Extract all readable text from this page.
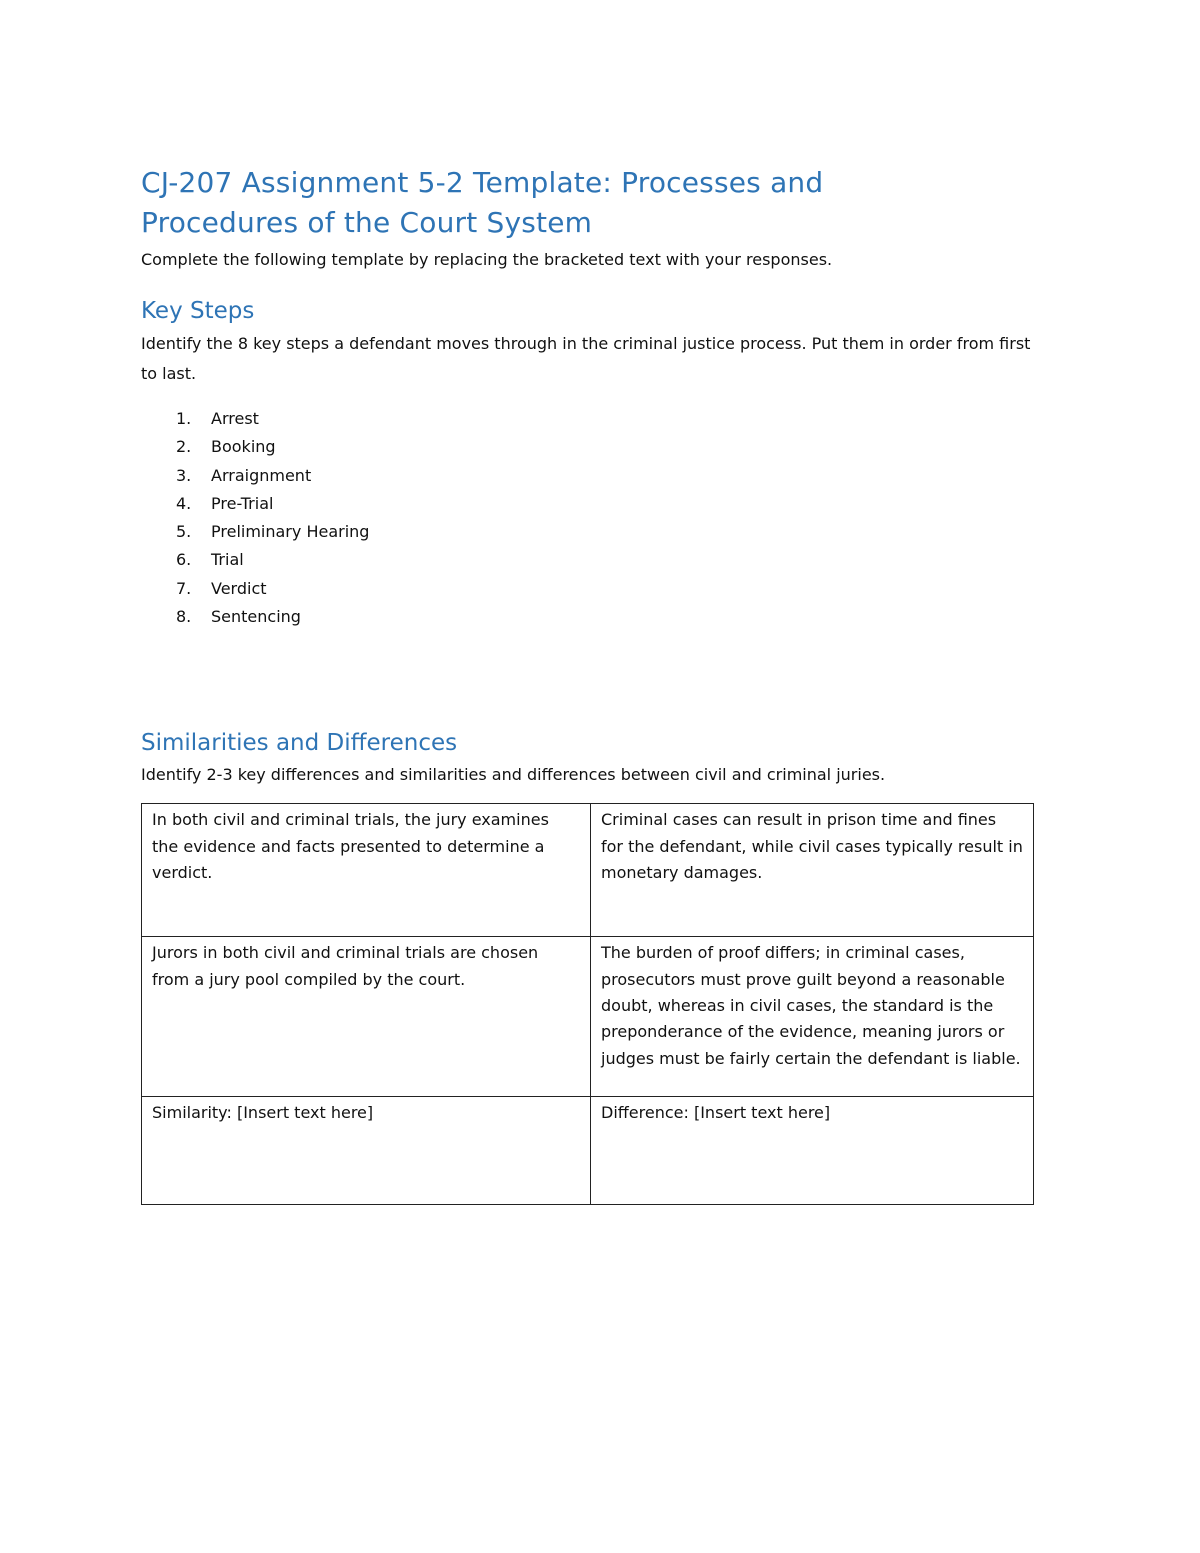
CJ-207 Assignment 5-2 Template: Processes and
Procedures of the Court System

Complete the following template by replacing the bracketed text with your responses.

Key Steps

Identify the 8 key steps a defendant moves through in the criminal justice process. Put them in order from first to last.

1.	Arrest
2.	Booking
3.	Arraignment
4.	Pre-Trial
5.	Preliminary Hearing
6.	Trial
7.	Verdict
8.	Sentencing
Similarities and Differences

Identify 2-3 key differences and similarities and differences between civil and criminal juries.

In both civil and criminal trials, the jury examines the evidence and facts presented to determine a verdict.	Criminal cases can result in prison time and fines for the defendant, while civil cases typically result in monetary damages.
Jurors in both civil and criminal trials are chosen from a jury pool compiled by the court.	The burden of proof differs; in criminal cases, prosecutors must prove guilt beyond a reasonable doubt, whereas in civil cases, the standard is the preponderance of the evidence, meaning jurors or judges must be fairly certain the defendant is liable.
Similarity: [Insert text here]	Difference: [Insert text here]
